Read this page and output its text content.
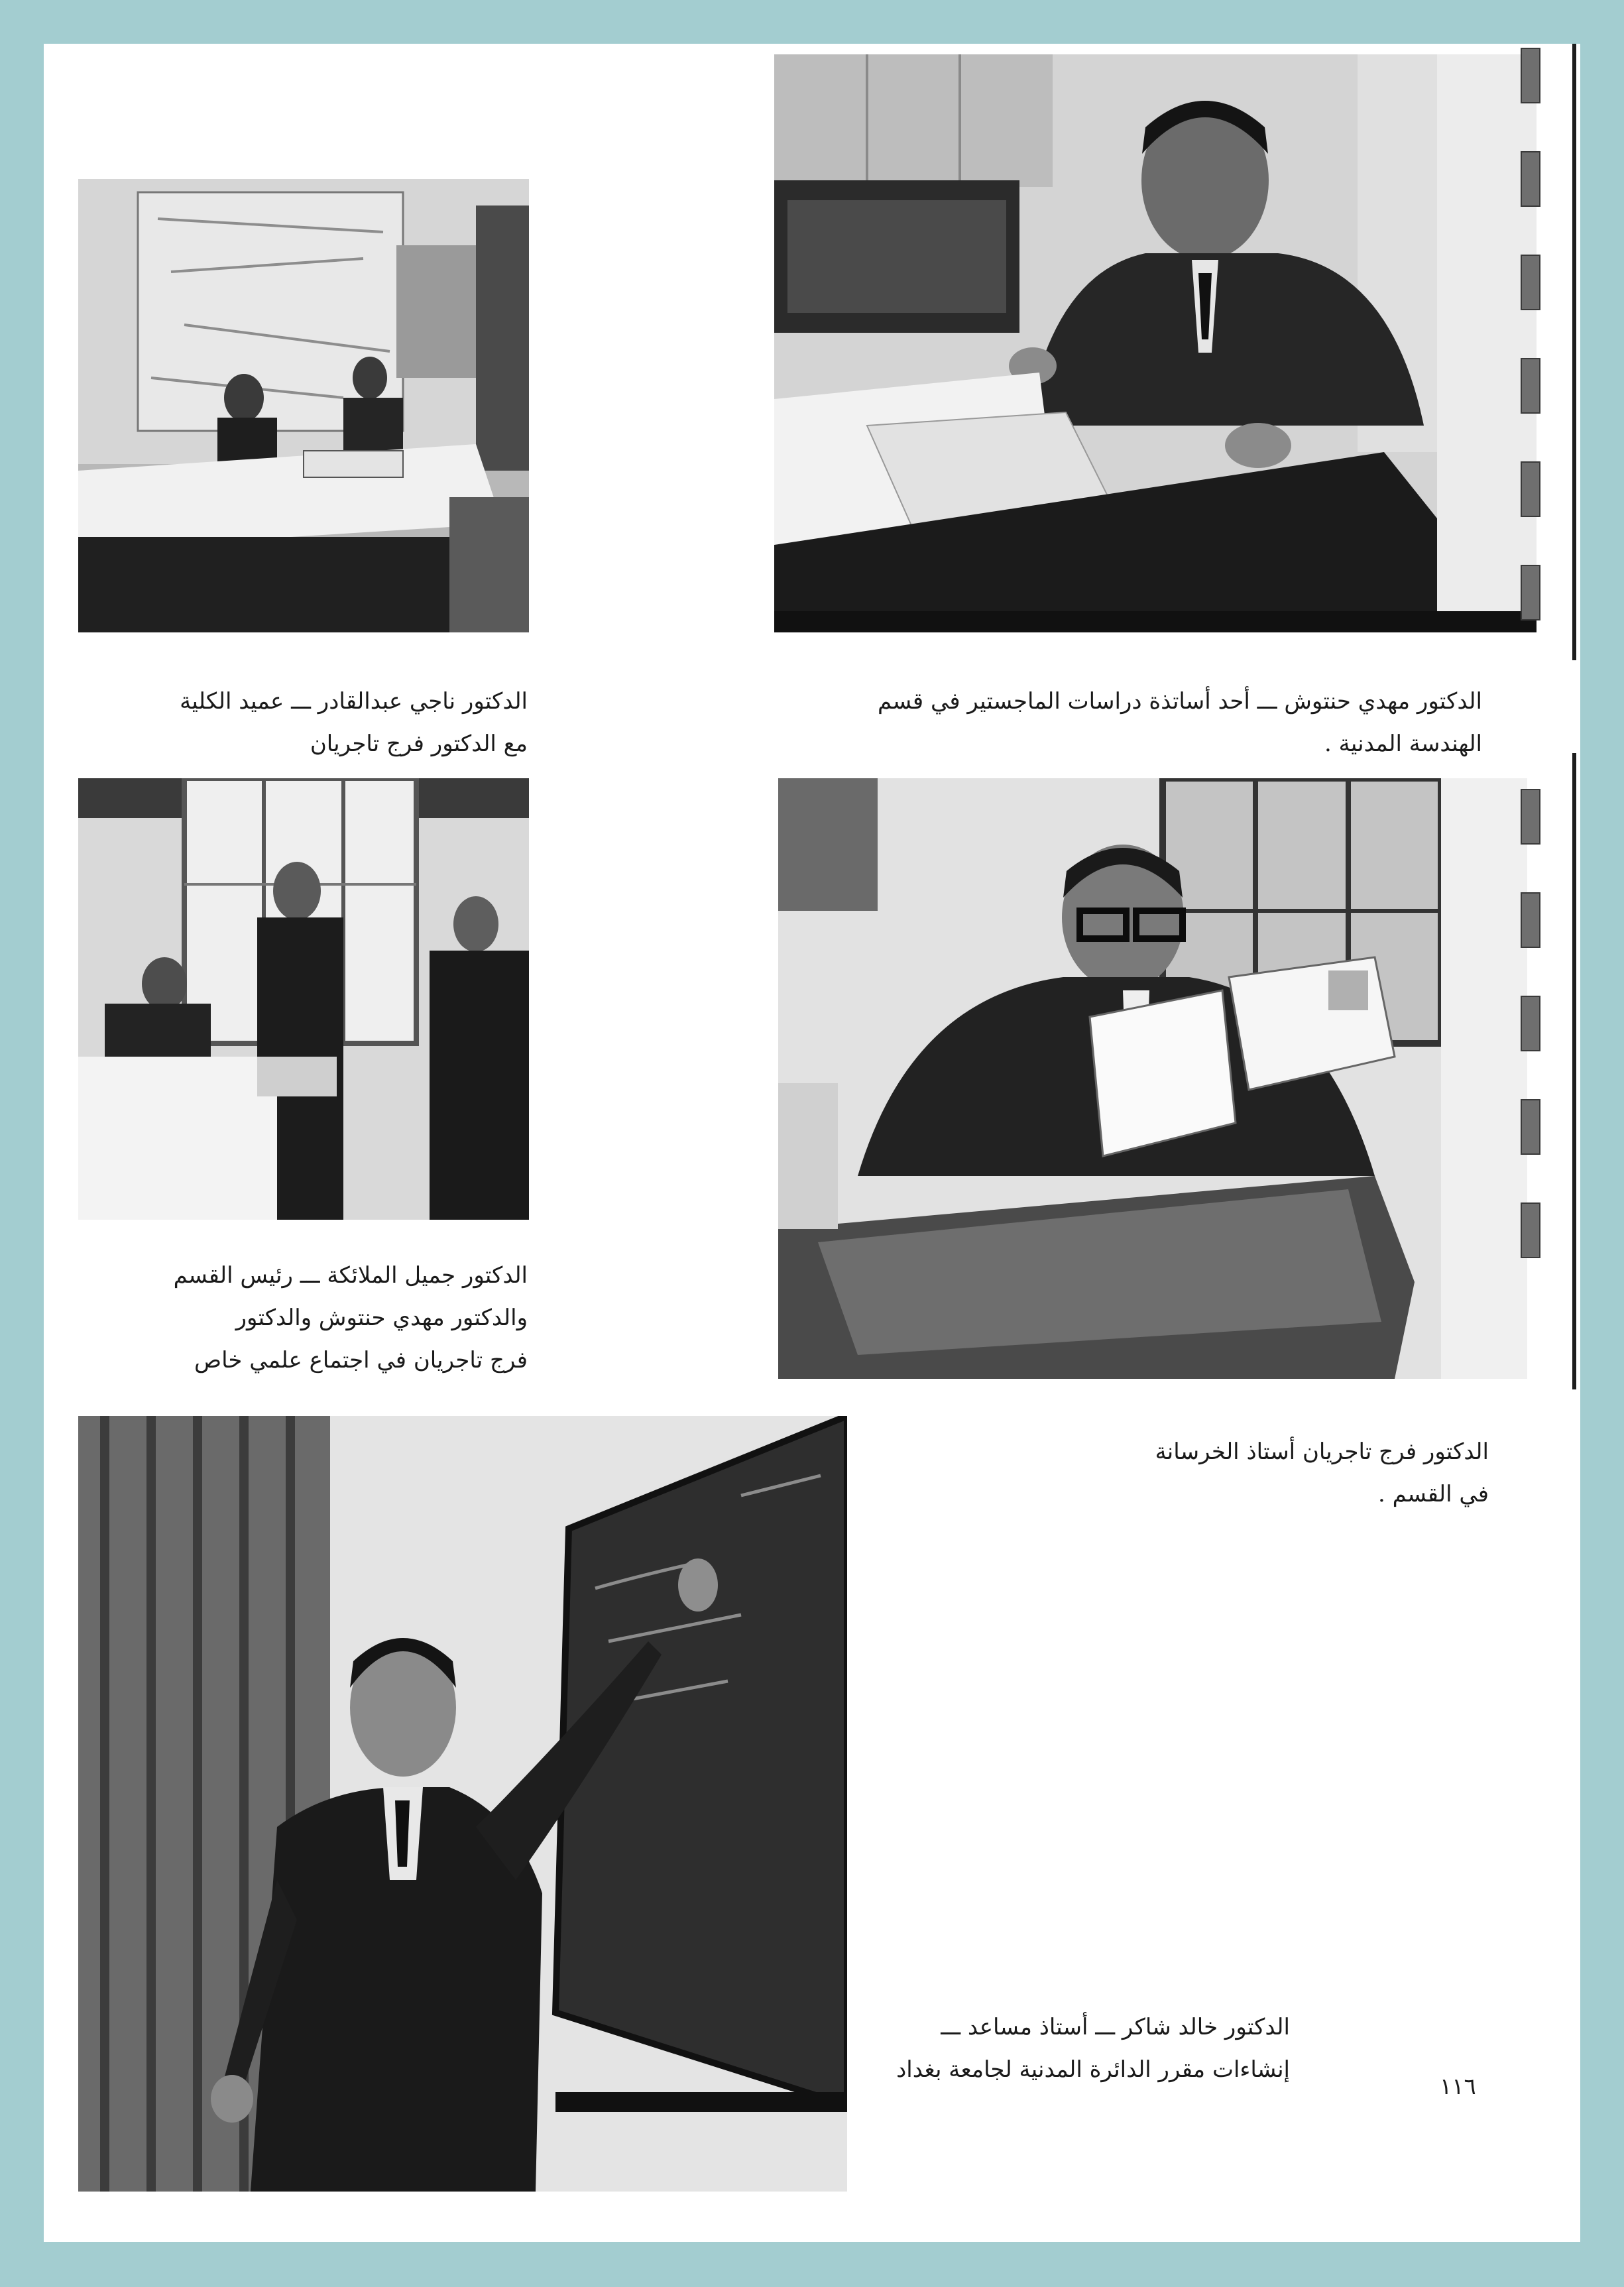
الدكتور ناجي عبدالقادر ـــ عميد الكلية
مع الدكتور فرج تاجريان
الدكتور مهدي حنتوش ـــ أحد أساتذة دراسات الماجستير في قسم
الهندسة المدنية .
الدكتور جميل الملائكة ـــ رئيس القسم
والدكتور مهدي حنتوش والدكتور
فرج تاجريان في اجتماع علمي خاص
الدكتور فرج تاجريان أستاذ الخرسانة
في القسم .
الدكتور خالد شاكر ـــ أستاذ مساعد ـــ
إنشاءات مقرر الدائرة المدنية لجامعة بغداد
١١٦
